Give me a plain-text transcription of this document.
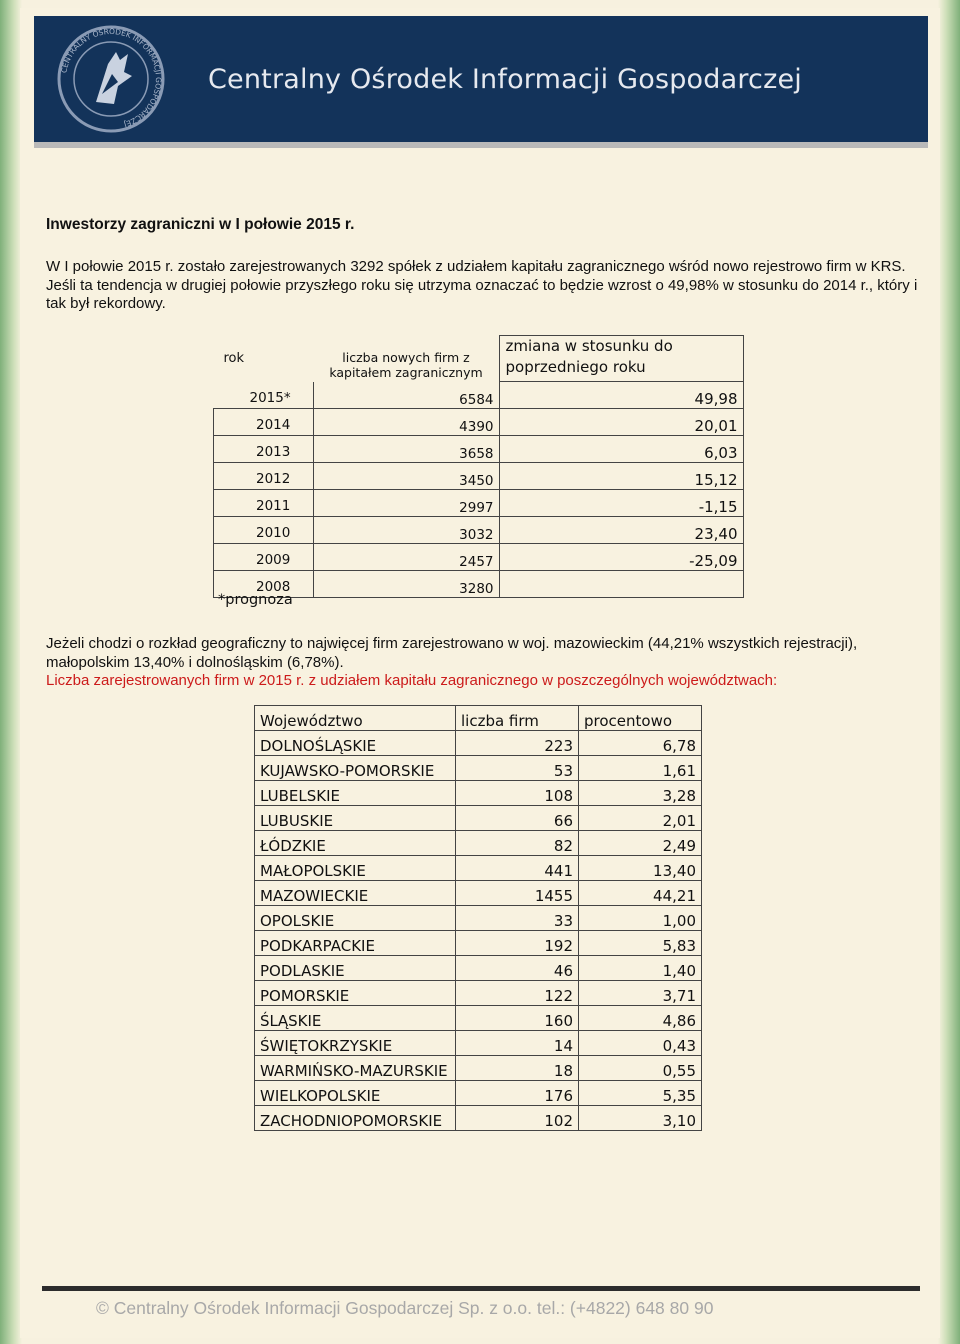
CENTRALNY OŚRODEK INFORMACJI GOSPODARCZEJ
Centralny Ośrodek Informacji Gospodarczej
Inwestorzy zagraniczni w I połowie 2015 r.
W I połowie 2015 r. zostało zarejestrowanych 3292 spółek z udziałem kapitału zagranicznego wśród nowo rejestrowo firm w KRS. Jeśli ta tendencja w drugiej połowie przyszłego roku się utrzyma oznaczać to będzie wzrost o 49,98% w stosunku do 2014 r., który i tak był rekordowy.
rok	liczba nowych firm z kapitałem zagranicznym	zmiana w stosunku do poprzedniego roku
2015*	6584	49,98
2014	4390	20,01
2013	3658	6,03
2012	3450	15,12
2011	2997	-1,15
2010	3032	23,40
2009	2457	-25,09
2008	3280	
*prognoza
Jeżeli chodzi o rozkład geograficzny to najwięcej firm zarejestrowano w woj. mazowieckim (44,21% wszystkich rejestracji), małopolskim 13,40% i dolnośląskim (6,78%).
Liczba zarejestrowanych firm w 2015 r. z udziałem kapitału zagranicznego w poszczególnych województwach:
Województwo	liczba firm	procentowo
DOLNOŚLĄSKIE	223	6,78
KUJAWSKO-POMORSKIE	53	1,61
LUBELSKIE	108	3,28
LUBUSKIE	66	2,01
ŁÓDZKIE	82	2,49
MAŁOPOLSKIE	441	13,40
MAZOWIECKIE	1455	44,21
OPOLSKIE	33	1,00
PODKARPACKIE	192	5,83
PODLASKIE	46	1,40
POMORSKIE	122	3,71
ŚLĄSKIE	160	4,86
ŚWIĘTOKRZYSKIE	14	0,43
WARMIŃSKO-MAZURSKIE	18	0,55
WIELKOPOLSKIE	176	5,35
ZACHODNIOPOMORSKIE	102	3,10
© Centralny Ośrodek Informacji Gospodarczej Sp. z o.o. tel.: (+4822) 648 80 90
